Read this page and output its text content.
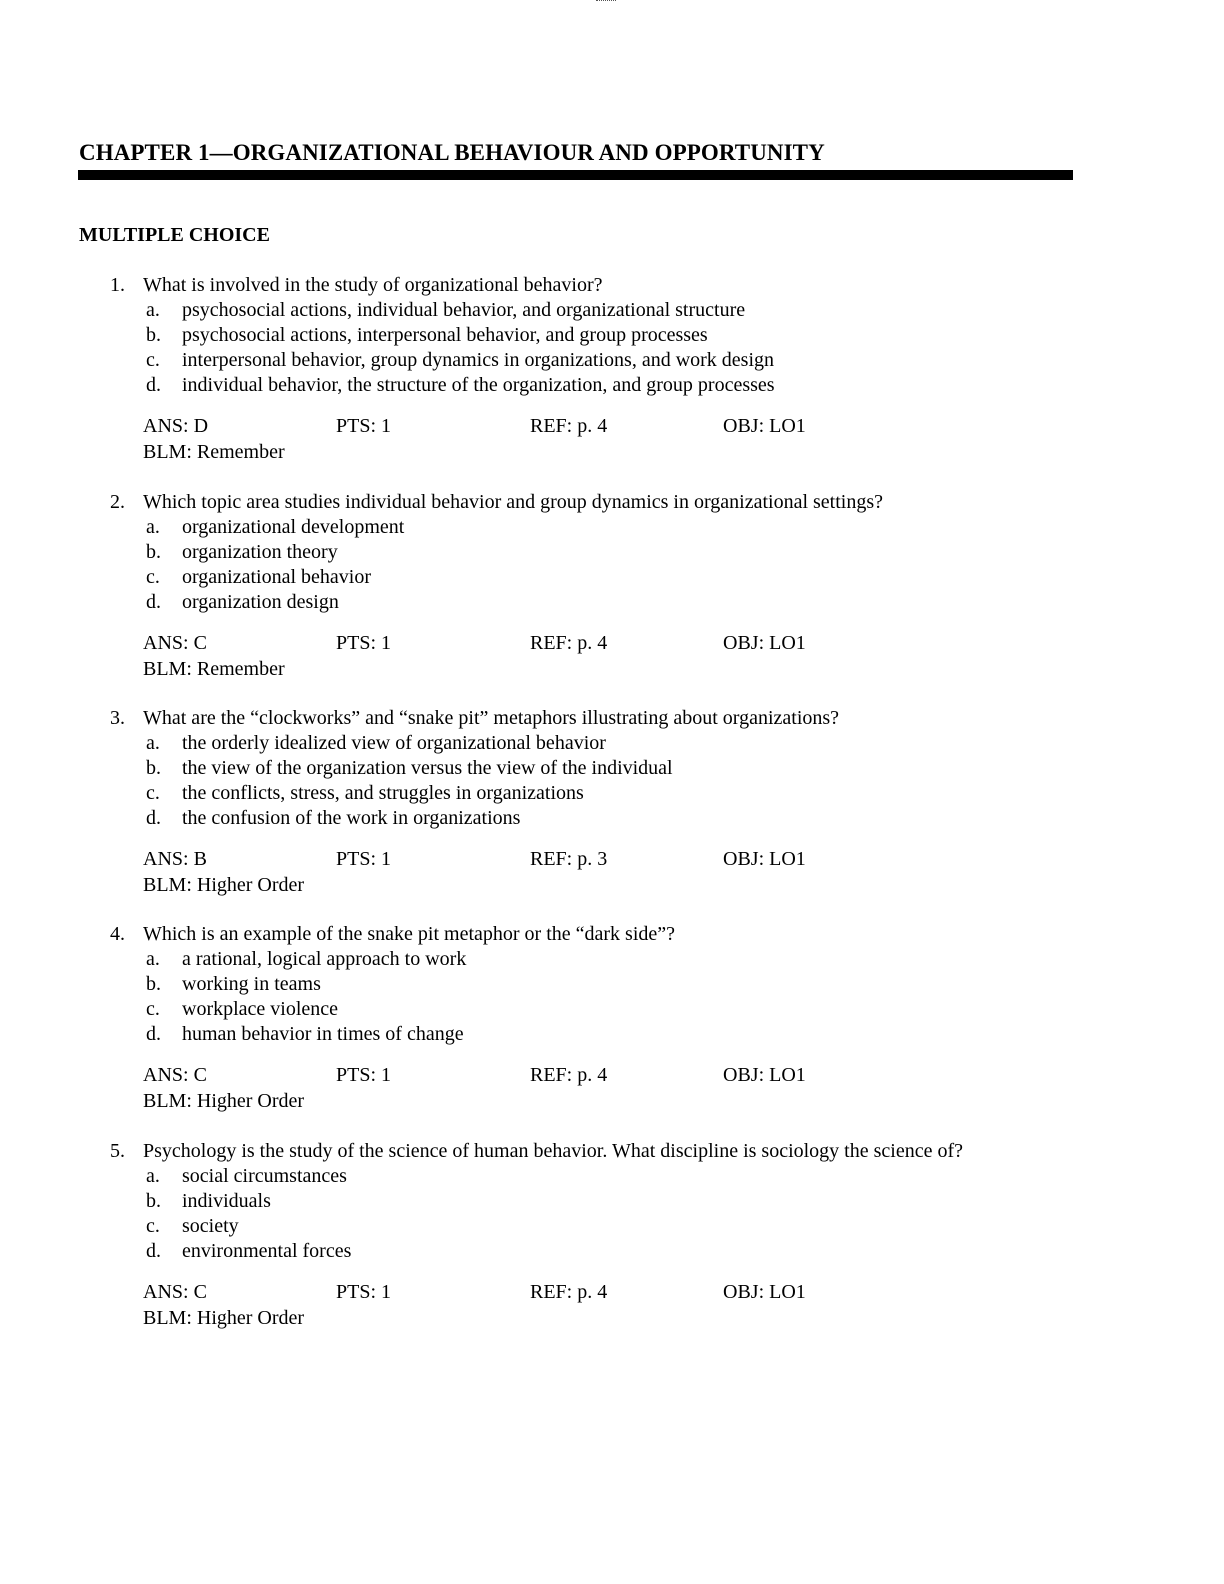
CHAPTER 1—ORGANIZATIONAL BEHAVIOUR AND OPPORTUNITY
MULTIPLE CHOICE
1. What is involved in the study of organizational behavior?
a. psychosocial actions, individual behavior, and organizational structure
b. psychosocial actions, interpersonal behavior, and group processes
c. interpersonal behavior, group dynamics in organizations, and work design
d. individual behavior, the structure of the organization, and group processes
ANS: D	PTS: 1	REF: p. 4	OBJ: LO1
BLM: Remember
2. Which topic area studies individual behavior and group dynamics in organizational settings?
a. organizational development
b. organization theory
c. organizational behavior
d. organization design
ANS: C	PTS: 1	REF: p. 4	OBJ: LO1
BLM: Remember
3. What are the “clockworks” and “snake pit” metaphors illustrating about organizations?
a. the orderly idealized view of organizational behavior
b. the view of the organization versus the view of the individual
c. the conflicts, stress, and struggles in organizations
d. the confusion of the work in organizations
ANS: B	PTS: 1	REF: p. 3	OBJ: LO1
BLM: Higher Order
4. Which is an example of the snake pit metaphor or the “dark side”?
a. a rational, logical approach to work
b. working in teams
c. workplace violence
d. human behavior in times of change
ANS: C	PTS: 1	REF: p. 4	OBJ: LO1
BLM: Higher Order
5. Psychology is the study of the science of human behavior. What discipline is sociology the science of?
a. social circumstances
b. individuals
c. society
d. environmental forces
ANS: C	PTS: 1	REF: p. 4	OBJ: LO1
BLM: Higher Order
